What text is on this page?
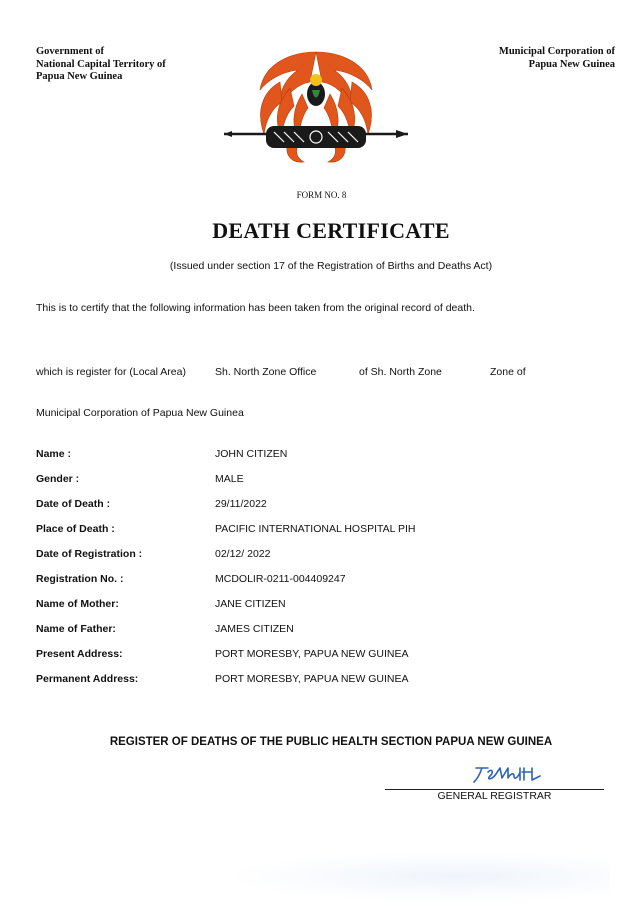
Government of
National Capital Territory of
Papua New Guinea
Municipal Corporation of
Papua New Guinea
FORM NO. 8
DEATH CERTIFICATE
(Issued under section 17 of the Registration of Births and Deaths Act)
This is to certify that the following information has been taken from the original record of death.
which is register for (Local Area)	Sh. North Zone Office	of Sh. North Zone	Zone of
Municipal Corporation of Papua New Guinea
Name :	JOHN CITIZEN
Gender :	MALE
Date of Death :	29/11/2022
Place of Death :	PACIFIC INTERNATIONAL HOSPITAL PIH
Date of Registration :	02/12/ 2022
Registration No. :	MCDOLIR-0211-004409247
Name of Mother:	JANE CITIZEN
Name of Father:	JAMES CITIZEN
Present Address:	PORT MORESBY, PAPUA NEW GUINEA
Permanent Address:	PORT MORESBY, PAPUA NEW GUINEA
REGISTER OF DEATHS OF THE PUBLIC HEALTH SECTION PAPUA NEW GUINEA
GENERAL REGISTRAR
